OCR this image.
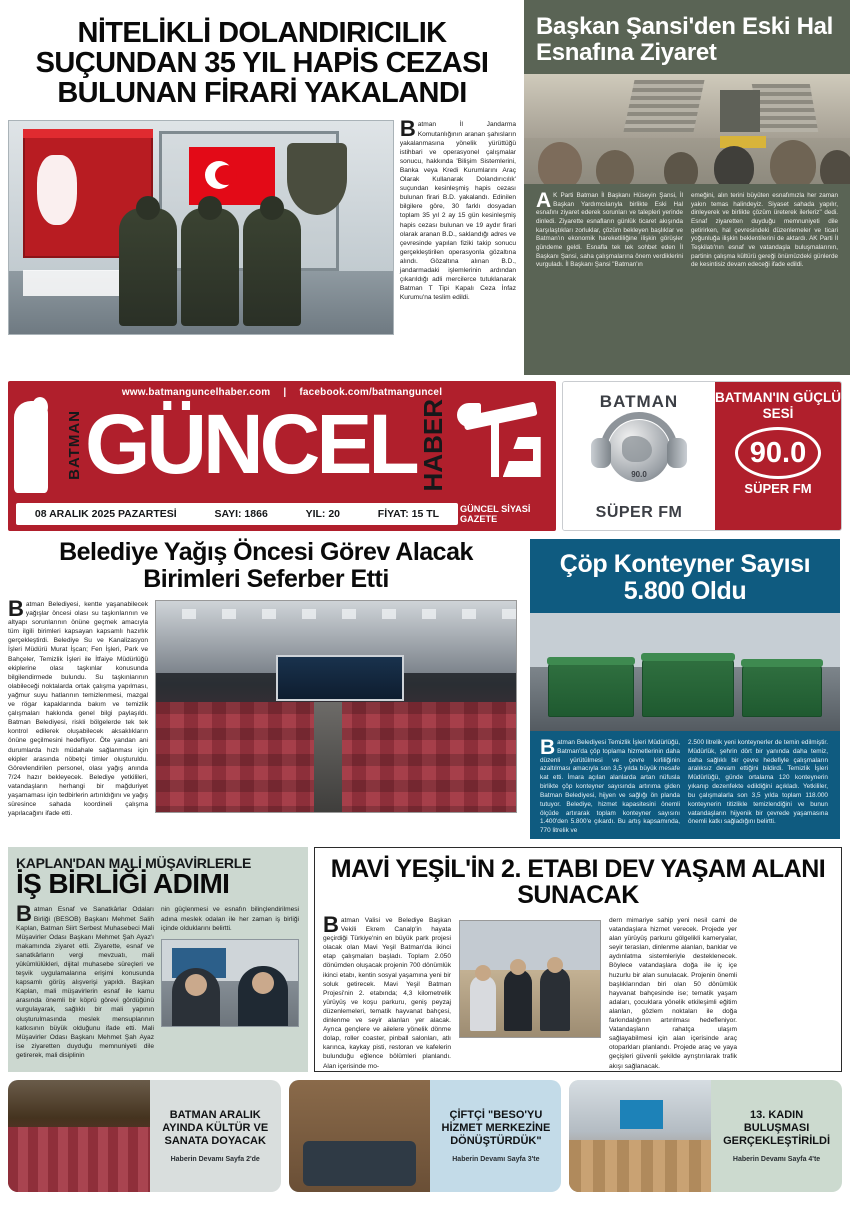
NİTELİKLİ DOLANDIRICILIK SUÇUNDAN 35 YIL HAPİS CEZASI BULUNAN FİRARİ YAKALANDI
Batman İl Jandarma Komutanlığının aranan şahısların yakalanmasına yönelik yürüttüğü istihbari ve operasyonel çalışmalar sonucu, hakkında 'Bilişim Sistemlerini, Banka veya Kredi Kurumlarını Araç Olarak Kullanarak Dolandırıcılık' suçundan kesinleşmiş hapis cezası bulunan firari B.D. yakalandı. Edinilen bilgilere göre, 30 farklı dosyadan toplam 35 yıl 2 ay 15 gün kesinleşmiş hapis cezası bulunan ve 19 aydır firari olarak aranan B.D., saklandığı adres ve çevresinde yapılan fiziki takip sonucu gerçekleştirilen operasyonla gözaltına alındı. Gözaltına alınan B.D., jandarmadaki işlemlerinin ardından çıkarıldığı adli mercilerce tutuklanarak Batman T Tipi Kapalı Ceza İnfaz Kurumu'na teslim edildi.
Başkan Şansi'den Eski Hal Esnafına Ziyaret
AK Parti Batman İl Başkanı Hüseyin Şansi, İl Başkan Yardımcılarıyla birlikte Eski Hal esnafını ziyaret ederek sorunları ve talepleri yerinde dinledi. Ziyarette esnafların günlük ticaret akışında karşılaştıkları zorluklar, çözüm bekleyen başlıklar ve Batman'ın ekonomik hareketliliğine ilişkin görüşler gündeme geldi. Esnafla tek tek sohbet eden İl Başkanı Şansi, saha çalışmalarına önem verdiklerini vurguladı. İl Başkanı Şansi "Batman'ın
emeğini, alın terini büyüten esnafımızla her zaman yakın temas halindeyiz. Siyaset sahada yapılır, dinleyerek ve birlikte çözüm üreterek ilerleriz" dedi. Esnaf ziyaretten duyduğu memnuniyeti dile getirirken, hal çevresindeki düzenlemeler ve ticari yoğunluğa ilişkin beklentilerini de aktardı. AK Parti İl Teşkilatı'nın esnaf ve vatandaşla buluşmalarının, partinin çalışma kültürü gereği önümüzdeki günlerde de kesintisiz devam edeceği ifade edildi.
www.batmanguncelhaber.com | facebook.com/batmanguncel
BATMAN GÜNCEL HABER
08 ARALIK 2025 PAZARTESİ	SAYI: 1866	YIL: 20	FİYAT: 15 TL GÜNCEL SİYASİ GAZETE
BATMAN
90.0
SÜPER FM
BATMAN'IN GÜÇLÜ SESİ
90.0
SÜPER FM
Belediye Yağış Öncesi Görev Alacak Birimleri Seferber Etti
Batman Belediyesi, kentte yaşanabilecek yağışlar öncesi olası su taşkınlarının ve altyapı sorunlarının önüne geçmek amacıyla tüm ilgili birimleri kapsayan kapsamlı hazırlık gerçekleştirdi. Belediye Su ve Kanalizasyon İşleri Müdürü Murat İşcan; Fen İşleri, Park ve Bahçeler, Temizlik İşleri ile İtfaiye Müdürlüğü ekiplerine olası taşkınlar konusunda bilgilendirmede bulundu. Su taşkınlarının olabileceği noktalarda ortak çalışma yapılması, yağmur suyu hatlarının temizlenmesi, mazgal ve rögar kapaklarında bakım ve temizlik çalışmaları hakkında genel bilgi paylaşıldı. Batman Belediyesi, riskli bölgelerde tek tek kontrol edilerek oluşabilecek aksaklıkların önüne geçilmesini hedefliyor. Öte yandan ani durumlarda hızlı müdahale sağlanması için ekipler arasında nöbetçi timler oluşturuldu. Görevlendirilen personel, olası yağış anında 7/24 hazır bekleyecek. Belediye yetkilileri, vatandaşların herhangi bir mağduriyet yaşamaması için tedbirlerin artırıldığını ve yağış süresince sahada koordineli çalışma yapılacağını ifade etti.
Çöp Konteyner Sayısı 5.800 Oldu
Batman Belediyesi Temizlik İşleri Müdürlüğü, Batman'da çöp toplama hizmetlerinin daha düzenli yürütülmesi ve çevre kirliliğinin azaltılması amacıyla son 3,5 yılda büyük mesafe kat etti. İmara açılan alanlarda artan nüfusla birlikte çöp konteyner sayısında artırıma giden Batman Belediyesi, hijyen ve sağlığı ön planda tutuyor. Belediye, hizmet kapasitesini önemli ölçüde artırarak toplam konteyner sayısını 1.400'den 5.800'e çıkardı. Bu artış kapsamında, 770 litrelik ve
2.500 litrelik yeni konteynerler de temin edilmiştir. Müdürlük, şehrin dört bir yanında daha temiz, daha sağlıklı bir çevre hedefiyle çalışmaların aralıksız devam ettiğini bildirdi. Temizlik İşleri Müdürlüğü, günde ortalama 120 konteynerin yıkanıp dezenfekte edildiğini açıkladı. Yetkililer, bu çalışmalarla son 3,5 yılda toplam 118.000 konteynerin titizlikle temizlendiğini ve bunun vatandaşların hijyenik bir çevrede yaşamasına önemli katkı sağladığını belirtti.
KAPLAN'DAN MALİ MÜŞAVİRLERLE
İŞ BİRLİĞİ ADIMI
Batman Esnaf ve Sanatkârlar Odaları Birliği (BESOB) Başkanı Mehmet Salih Kaplan, Batman Siirt Serbest Muhasebeci Mali Müşavirler Odası Başkanı Mehmet Şah Ayaz'ı makamında ziyaret etti. Ziyarette, esnaf ve sanatkârların vergi mevzuatı, mali yükümlülükleri, dijital muhasebe süreçleri ve teşvik uygulamalarına erişimi konusunda kapsamlı görüş alışverişi yapıldı. Başkan Kaplan, mali müşavirlerin esnaf ile kamu arasında önemli bir köprü görevi gördüğünü vurgulayarak, sağlıklı bir mali yapının oluşturulmasında meslek mensuplarının katkısının büyük olduğunu ifade etti. Mali Müşavirler Odası Başkanı Mehmet Şah Ayaz ise ziyaretten duyduğu memnuniyeti dile getirerek, mali disiplinin
nin güçlenmesi ve esnafın bilinçlendirilmesi adına meslek odaları ile her zaman iş birliği içinde olduklarını belirtti.
MAVİ YEŞİL'İN 2. ETABI DEV YAŞAM ALANI SUNACAK
Batman Valisi ve Belediye Başkan Vekili Ekrem Canalp'in hayata geçirdiği Türkiye'nin en büyük park projesi olacak olan Mavi Yeşil Batman'da ikinci etap çalışmaları başladı. Toplam 2.050 dönümden oluşacak projenin 700 dönümlük ikinci etabı, kentin sosyal yaşamına yeni bir soluk getirecek. Mavi Yeşil Batman Projesi'nin 2. etabında; 4,3 kilometrelik yürüyüş ve koşu parkuru, geniş peyzaj düzenlemeleri, tematik hayvanat bahçesi, dinlenme ve seyir alanları yer alacak. Ayrıca gençlere ve ailelere yönelik dönme dolap, roller coaster, pinball salonları, atlı karınca, kaykay pisti, restoran ve kafelerin bulunduğu eğlence bölümleri planlandı. Alan içerisinde mo-
dern mimariye sahip yeni nesil cami de vatandaşlara hizmet verecek. Projede yer alan yürüyüş parkuru gölgelikli kameryalar, seyir terasları, dinlenme alanları, banklar ve aydınlatma sistemleriyle desteklenecek. Böylece vatandaşlara doğa ile iç içe huzurlu bir alan sunulacak. Projenin önemli başlıklarından biri olan 50 dönümlük hayvanat bahçesinde ise; tematik yaşam adaları, çocuklara yönelik etkileşimli eğitim alanları, gözlem noktaları ile doğa farkındalığının artırılması hedefleniyor. Vatandaşların rahatça ulaşım sağlayabilmesi için alan içerisinde araç otoparkları planlandı. Projede araç ve yaya geçişleri güvenli şekilde ayrıştırılarak trafik akışı sağlanacak.
BATMAN ARALIK AYINDA KÜLTÜR VE SANATA DOYACAK
Haberin Devamı Sayfa 2'de
ÇİFTÇİ "BESO'YU HİZMET MERKEZİNE DÖNÜŞTÜRDÜK"
Haberin Devamı Sayfa 3'te
13. KADIN BULUŞMASI GERÇEKLEŞTİRİLDİ
Haberin Devamı Sayfa 4'te
